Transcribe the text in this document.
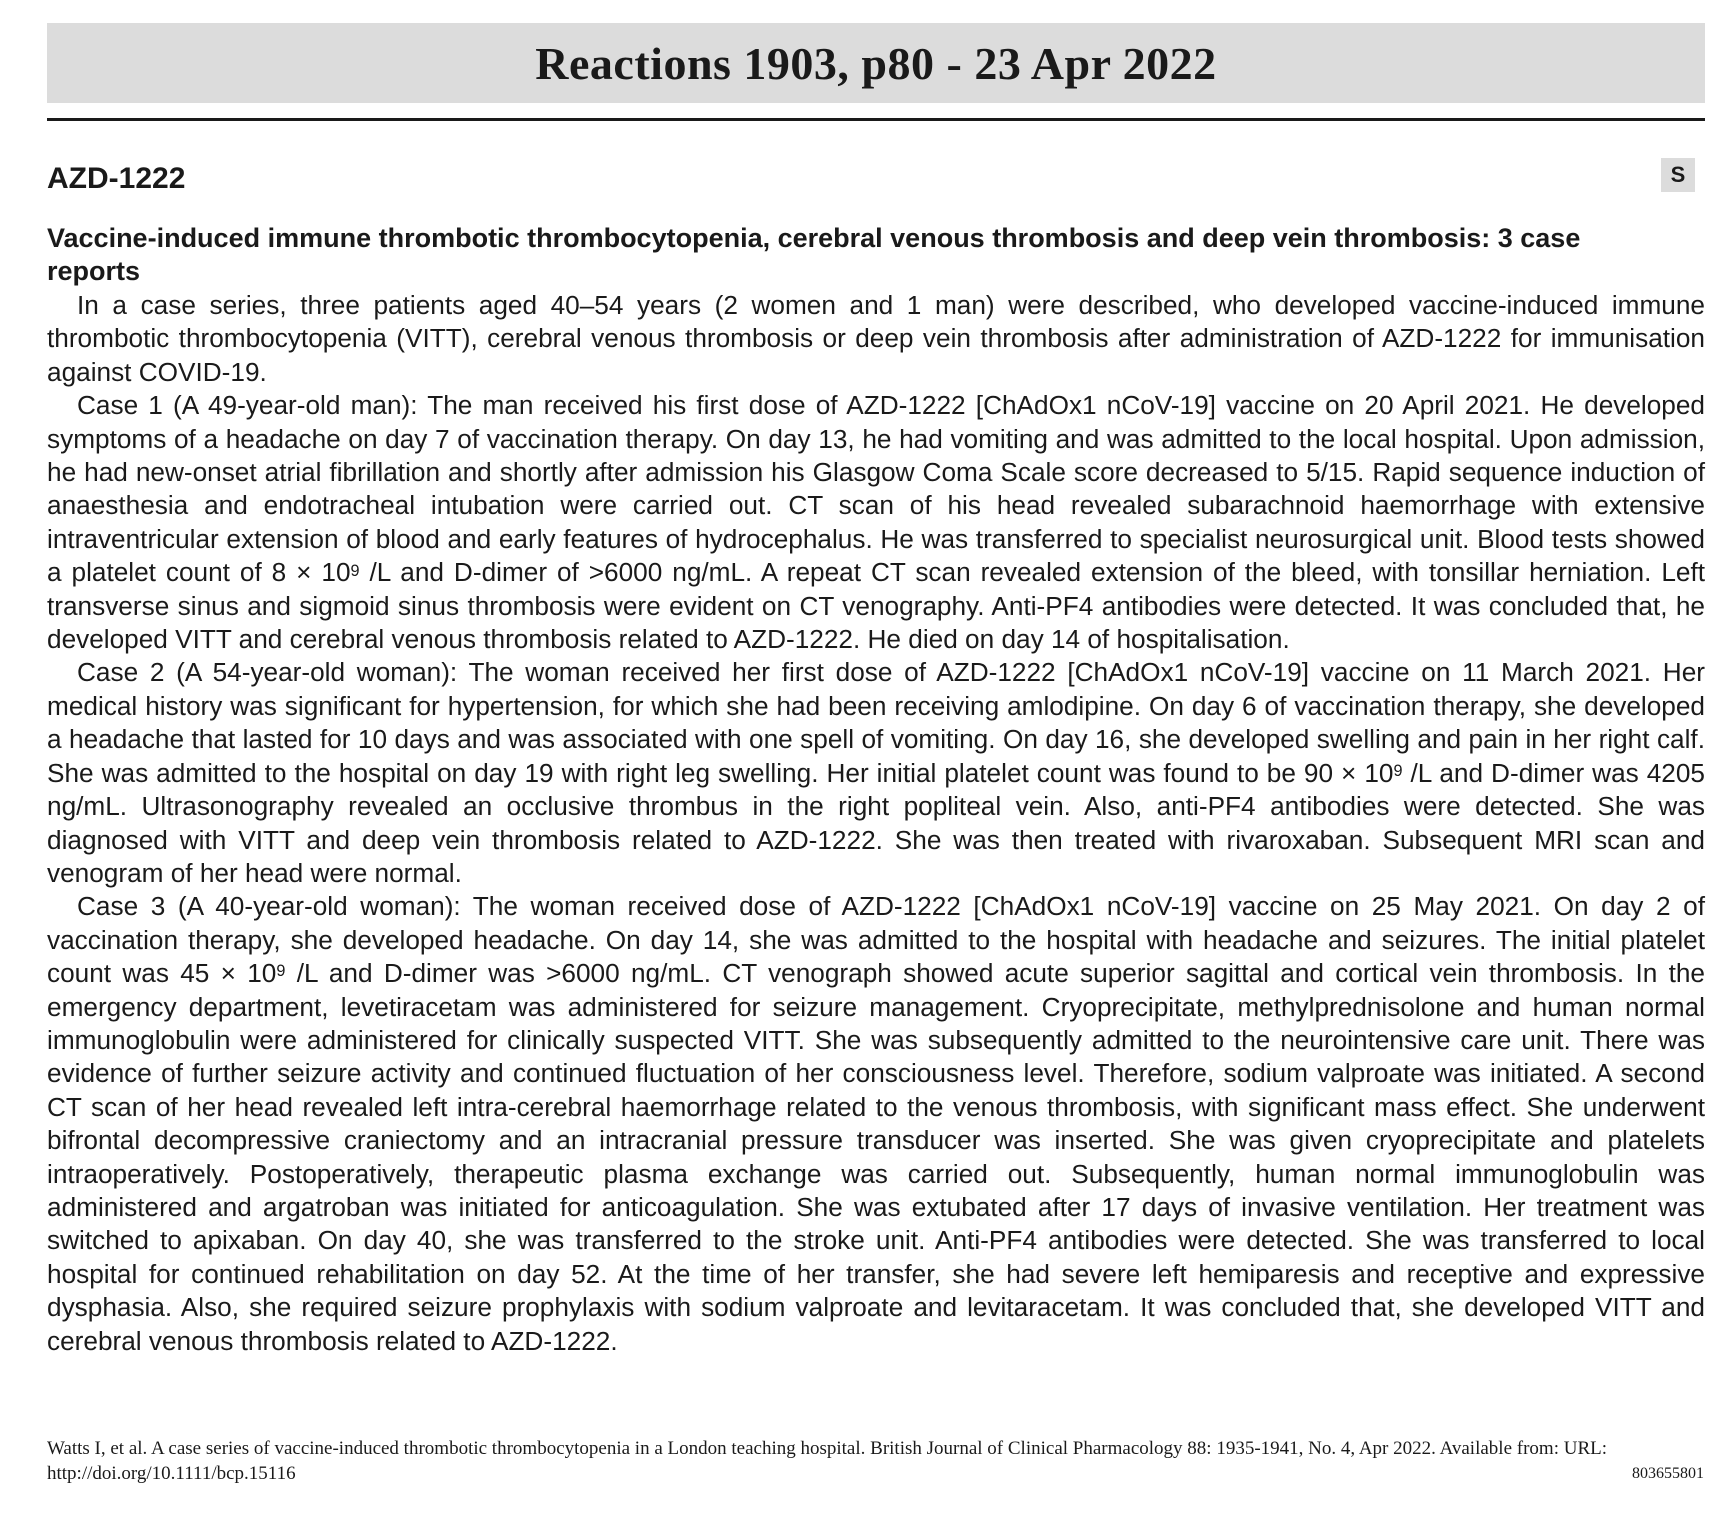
Reactions 1903, p80 - 23 Apr 2022
AZD-1222	S
Vaccine-induced immune thrombotic thrombocytopenia, cerebral venous thrombosis and deep vein thrombosis: 3 case reports

In a case series, three patients aged 40–54 years (2 women and 1 man) were described, who developed vaccine-induced immune thrombotic thrombocytopenia (VITT), cerebral venous thrombosis or deep vein thrombosis after administration of AZD-1222 for immunisation against COVID-19.

Case 1 (A 49-year-old man): The man received his first dose of AZD-1222 [ChAdOx1 nCoV-19] vaccine on 20 April 2021. He developed symptoms of a headache on day 7 of vaccination therapy. On day 13, he had vomiting and was admitted to the local hospital. Upon admission, he had new-onset atrial fibrillation and shortly after admission his Glasgow Coma Scale score decreased to 5/15. Rapid sequence induction of anaesthesia and endotracheal intubation were carried out. CT scan of his head revealed subarachnoid haemorrhage with extensive intraventricular extension of blood and early features of hydrocephalus. He was transferred to specialist neurosurgical unit. Blood tests showed a platelet count of $8 \times 10^9$ /L and D-dimer of >6000 ng/mL. A repeat CT scan revealed extension of the bleed, with tonsillar herniation. Left transverse sinus and sigmoid sinus thrombosis were evident on CT venography. Anti-PF4 antibodies were detected. It was concluded that, he developed VITT and cerebral venous thrombosis related to AZD-1222. He died on day 14 of hospitalisation.

Case 2 (A 54-year-old woman): The woman received her first dose of AZD-1222 [ChAdOx1 nCoV-19] vaccine on 11 March 2021. Her medical history was significant for hypertension, for which she had been receiving amlodipine. On day 6 of vaccination therapy, she developed a headache that lasted for 10 days and was associated with one spell of vomiting. On day 16, she developed swelling and pain in her right calf. She was admitted to the hospital on day 19 with right leg swelling. Her initial platelet count was found to be $90 \times 10^9$ /L and D-dimer was 4205 ng/mL. Ultrasonography revealed an occlusive thrombus in the right popliteal vein. Also, anti-PF4 antibodies were detected. She was diagnosed with VITT and deep vein thrombosis related to AZD-1222. She was then treated with rivaroxaban. Subsequent MRI scan and venogram of her head were normal.

Case 3 (A 40-year-old woman): The woman received dose of AZD-1222 [ChAdOx1 nCoV-19] vaccine on 25 May 2021. On day 2 of vaccination therapy, she developed headache. On day 14, she was admitted to the hospital with headache and seizures. The initial platelet count was $45 \times 10^9$ /L and D-dimer was >6000 ng/mL. CT venograph showed acute superior sagittal and cortical vein thrombosis. In the emergency department, levetiracetam was administered for seizure management. Cryoprecipitate, methylprednisolone and human normal immunoglobulin were administered for clinically suspected VITT. She was subsequently admitted to the neurointensive care unit. There was evidence of further seizure activity and continued fluctuation of her consciousness level. Therefore, sodium valproate was initiated. A second CT scan of her head revealed left intra-cerebral haemorrhage related to the venous thrombosis, with significant mass effect. She underwent bifrontal decompressive craniectomy and an intracranial pressure transducer was inserted. She was given cryoprecipitate and platelets intraoperatively. Postoperatively, therapeutic plasma exchange was carried out. Subsequently, human normal immunoglobulin was administered and argatroban was initiated for anticoagulation. She was extubated after 17 days of invasive ventilation. Her treatment was switched to apixaban. On day 40, she was transferred to the stroke unit. Anti-PF4 antibodies were detected. She was transferred to local hospital for continued rehabilitation on day 52. At the time of her transfer, she had severe left hemiparesis and receptive and expressive dysphasia. Also, she required seizure prophylaxis with sodium valproate and levitaracetam. It was concluded that, she developed VITT and cerebral venous thrombosis related to AZD-1222.

Watts I, et al. A case series of vaccine-induced thrombotic thrombocytopenia in a London teaching hospital. British Journal of Clinical Pharmacology 88: 1935-1941, No. 4, Apr 2022. Available from: URL: http://doi.org/10.1111/bcp.15116	803655801
